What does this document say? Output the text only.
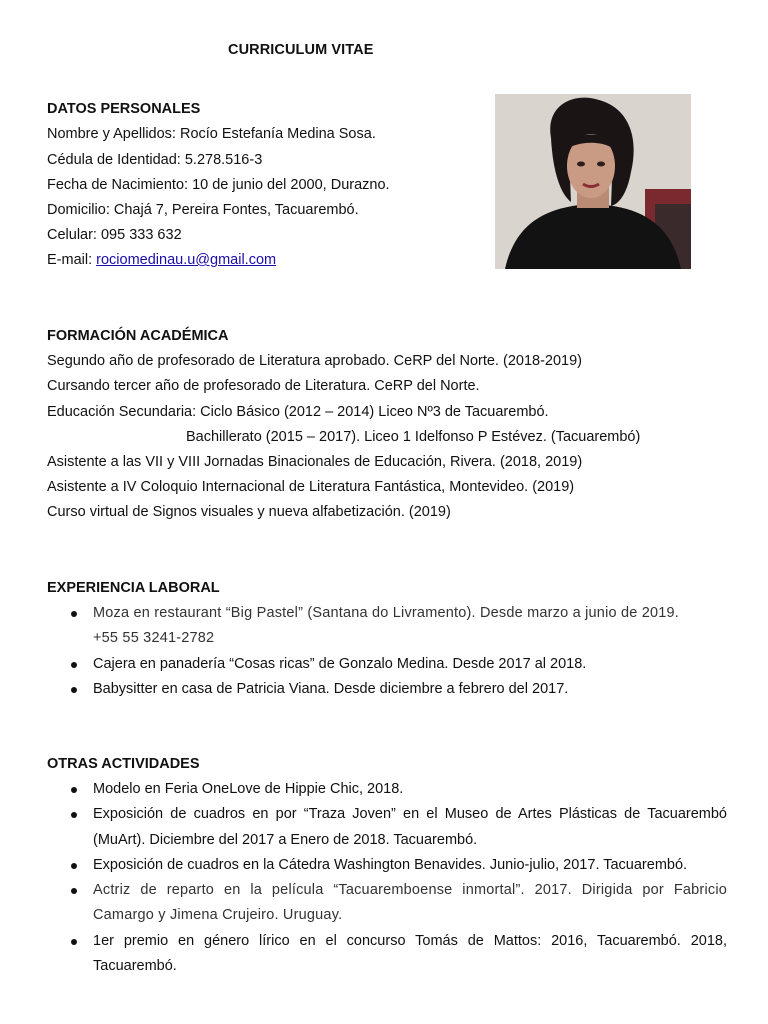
CURRICULUM VITAE
DATOS PERSONALES
Nombre y Apellidos: Rocío Estefanía Medina Sosa.
Cédula de Identidad: 5.278.516-3
Fecha de Nacimiento: 10 de junio del 2000, Durazno.
Domicilio: Chajá 7, Pereira Fontes, Tacuarembó.
Celular: 095 333 632
E-mail: rociomedinau.u@gmail.com
FORMACIÓN ACADÉMICA
Segundo año de profesorado de Literatura aprobado. CeRP del Norte. (2018-2019)
Cursando tercer año de profesorado de Literatura. CeRP del Norte.
Educación Secundaria: Ciclo Básico (2012 – 2014) Liceo Nº3 de Tacuarembó.
Bachillerato (2015 – 2017). Liceo 1 Idelfonso P Estévez. (Tacuarembó)
Asistente a las VII y VIII Jornadas Binacionales de Educación, Rivera. (2018, 2019)
Asistente a IV Coloquio Internacional de Literatura Fantástica, Montevideo. (2019)
Curso virtual de Signos visuales y nueva alfabetización. (2019)
EXPERIENCIA LABORAL
Moza en restaurant “Big Pastel” (Santana do Livramento). Desde marzo a junio de 2019. +55 55 3241-2782
Cajera en panadería “Cosas ricas” de Gonzalo Medina. Desde 2017 al 2018.
Babysitter en casa de Patricia Viana. Desde diciembre a febrero del 2017.
OTRAS ACTIVIDADES
Modelo en Feria OneLove de Hippie Chic, 2018.
Exposición de cuadros en por “Traza Joven” en el Museo de Artes Plásticas de Tacuarembó (MuArt). Diciembre del 2017 a Enero de 2018. Tacuarembó.
Exposición de cuadros en la Cátedra Washington Benavides. Junio-julio, 2017. Tacuarembó.
Actriz de reparto en la película “Tacuaremboense inmortal”. 2017. Dirigida por Fabricio Camargo y Jimena Crujeiro. Uruguay.
1er premio en género lírico en el concurso Tomás de Mattos: 2016, Tacuarembó. 2018, Tacuarembó.
